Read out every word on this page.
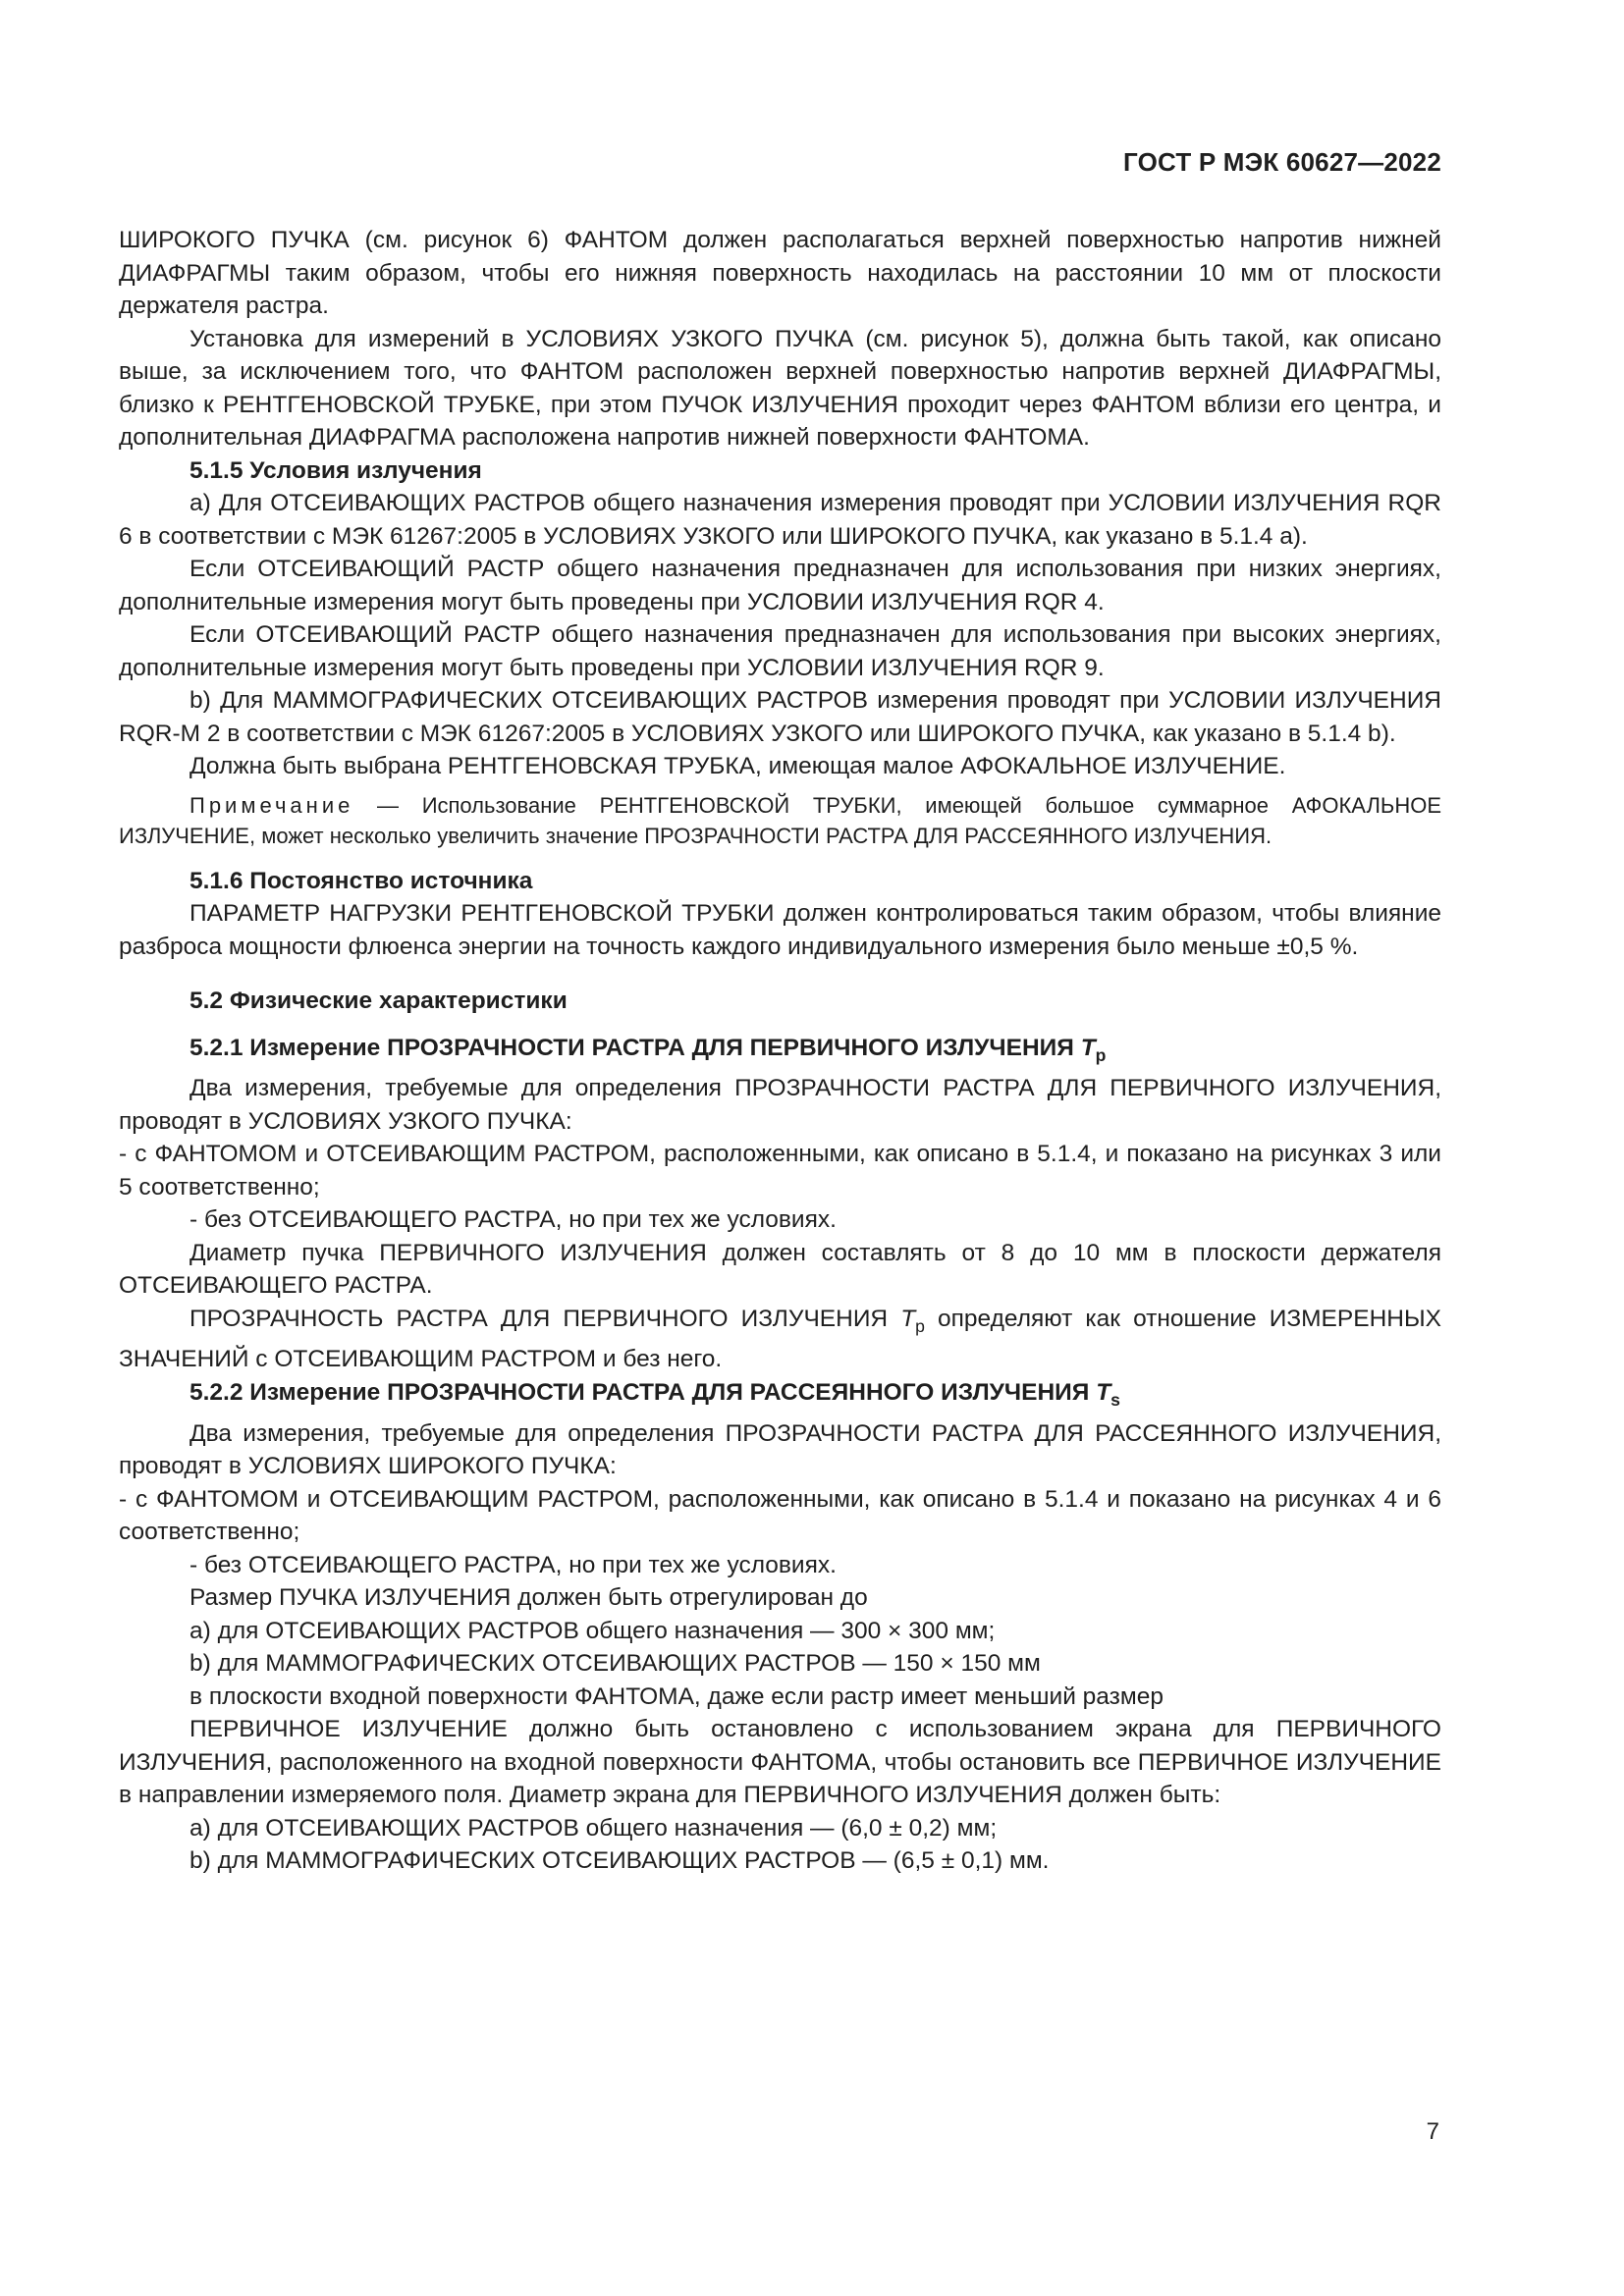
ГОСТ Р МЭК 60627—2022

ШИРОКОГО ПУЧКА (см. рисунок 6) ФАНТОМ должен располагаться верхней поверхностью напротив нижней ДИАФРАГМЫ таким образом, чтобы его нижняя поверхность находилась на расстоянии 10 мм от плоскости держателя растра.

Установка для измерений в УСЛОВИЯХ УЗКОГО ПУЧКА (см. рисунок 5), должна быть такой, как описано выше, за исключением того, что ФАНТОМ расположен верхней поверхностью напротив верхней ДИАФРАГМЫ, близко к РЕНТГЕНОВСКОЙ ТРУБКЕ, при этом ПУЧОК ИЗЛУЧЕНИЯ проходит через ФАНТОМ вблизи его центра, и дополнительная ДИАФРАГМА расположена напротив нижней поверхности ФАНТОМА.

5.1.5 Условия излучения

a) Для ОТСЕИВАЮЩИХ РАСТРОВ общего назначения измерения проводят при УСЛОВИИ ИЗЛУЧЕНИЯ RQR 6 в соответствии с МЭК 61267:2005 в УСЛОВИЯХ УЗКОГО или ШИРОКОГО ПУЧКА, как указано в 5.1.4 a).

Если ОТСЕИВАЮЩИЙ РАСТР общего назначения предназначен для использования при низких энергиях, дополнительные измерения могут быть проведены при УСЛОВИИ ИЗЛУЧЕНИЯ RQR 4.

Если ОТСЕИВАЮЩИЙ РАСТР общего назначения предназначен для использования при высоких энергиях, дополнительные измерения могут быть проведены при УСЛОВИИ ИЗЛУЧЕНИЯ RQR 9.

b) Для МАММОГРАФИЧЕСКИХ ОТСЕИВАЮЩИХ РАСТРОВ измерения проводят при УСЛОВИИ ИЗЛУЧЕНИЯ RQR-M 2 в соответствии с МЭК 61267:2005 в УСЛОВИЯХ УЗКОГО или ШИРОКОГО ПУЧКА, как указано в 5.1.4 b).

Должна быть выбрана РЕНТГЕНОВСКАЯ ТРУБКА, имеющая малое АФОКАЛЬНОЕ ИЗЛУЧЕНИЕ.

Примечание — Использование РЕНТГЕНОВСКОЙ ТРУБКИ, имеющей большое суммарное АФОКАЛЬНОЕ ИЗЛУЧЕНИЕ, может несколько увеличить значение ПРОЗРАЧНОСТИ РАСТРА ДЛЯ РАССЕЯННОГО ИЗЛУЧЕНИЯ.

5.1.6 Постоянство источника

ПАРАМЕТР НАГРУЗКИ РЕНТГЕНОВСКОЙ ТРУБКИ должен контролироваться таким образом, чтобы влияние разброса мощности флюенса энергии на точность каждого индивидуального измерения было меньше ±0,5 %.

5.2 Физические характеристики

5.2.1 Измерение ПРОЗРАЧНОСТИ РАСТРА ДЛЯ ПЕРВИЧНОГО ИЗЛУЧЕНИЯ $T_p$

Два измерения, требуемые для определения ПРОЗРАЧНОСТИ РАСТРА ДЛЯ ПЕРВИЧНОГО ИЗЛУЧЕНИЯ, проводят в УСЛОВИЯХ УЗКОГО ПУЧКА:

- с ФАНТОМОМ и ОТСЕИВАЮЩИМ РАСТРОМ, расположенными, как описано в 5.1.4, и показано на рисунках 3 или 5 соответственно;

- без ОТСЕИВАЮЩЕГО РАСТРА, но при тех же условиях.

Диаметр пучка ПЕРВИЧНОГО ИЗЛУЧЕНИЯ должен составлять от 8 до 10 мм в плоскости держателя ОТСЕИВАЮЩЕГО РАСТРА.

ПРОЗРАЧНОСТЬ РАСТРА ДЛЯ ПЕРВИЧНОГО ИЗЛУЧЕНИЯ $T_p$ определяют как отношение ИЗМЕРЕННЫХ ЗНАЧЕНИЙ с ОТСЕИВАЮЩИМ РАСТРОМ и без него.

5.2.2 Измерение ПРОЗРАЧНОСТИ РАСТРА ДЛЯ РАССЕЯННОГО ИЗЛУЧЕНИЯ $T_s$

Два измерения, требуемые для определения ПРОЗРАЧНОСТИ РАСТРА ДЛЯ РАССЕЯННОГО ИЗЛУЧЕНИЯ, проводят в УСЛОВИЯХ ШИРОКОГО ПУЧКА:

- с ФАНТОМОМ и ОТСЕИВАЮЩИМ РАСТРОМ, расположенными, как описано в 5.1.4 и показано на рисунках 4 и 6 соответственно;

- без ОТСЕИВАЮЩЕГО РАСТРА, но при тех же условиях.

Размер ПУЧКА ИЗЛУЧЕНИЯ должен быть отрегулирован до

a) для ОТСЕИВАЮЩИХ РАСТРОВ общего назначения — 300 × 300 мм;

b) для МАММОГРАФИЧЕСКИХ ОТСЕИВАЮЩИХ РАСТРОВ — 150 × 150 мм

в плоскости входной поверхности ФАНТОМА, даже если растр имеет меньший размер

ПЕРВИЧНОЕ ИЗЛУЧЕНИЕ должно быть остановлено с использованием экрана для ПЕРВИЧНОГО ИЗЛУЧЕНИЯ, расположенного на входной поверхности ФАНТОМА, чтобы остановить все ПЕРВИЧНОЕ ИЗЛУЧЕНИЕ в направлении измеряемого поля. Диаметр экрана для ПЕРВИЧНОГО ИЗЛУЧЕНИЯ должен быть:

a) для ОТСЕИВАЮЩИХ РАСТРОВ общего назначения — (6,0 ± 0,2) мм;

b) для МАММОГРАФИЧЕСКИХ ОТСЕИВАЮЩИХ РАСТРОВ — (6,5 ± 0,1) мм.

7
